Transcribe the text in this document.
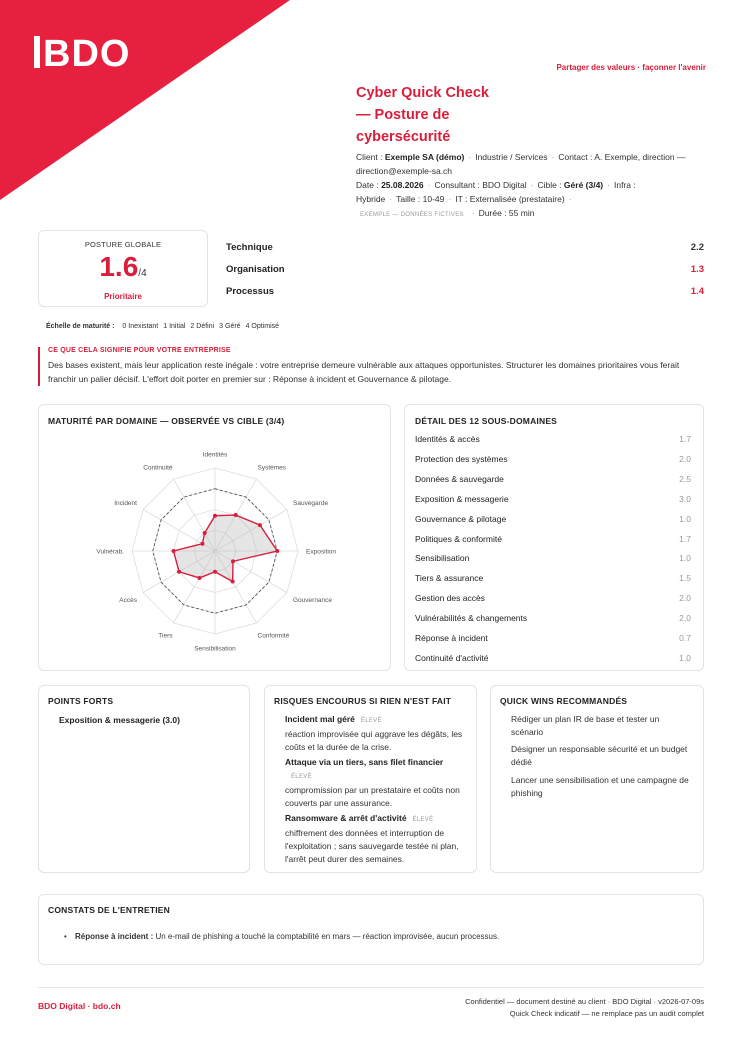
BDO	Partager des valeurs · façonner l'avenir
Cyber Quick Check — Posture de cybersécurité
Client : Exemple SA (démo) · Industrie / Services · Contact : A. Exemple, direction — direction@exemple-sa.ch
Date : 25.08.2026 · Consultant : BDO Digital · Cible : Géré (3/4) · Infra : Hybride · Taille : 10-49 · IT : Externalisée (prestataire) ·
EXEMPLE — DONNÉES FICTIVES · Durée : 55 min
POSTURE GLOBALE
1.6/4
Prioritaire
Technique	2.2
Organisation	1.3
Processus	1.4
Échelle de maturité : 0 Inexistant 1 Initial 2 Défini 3 Géré 4 Optimisé
CE QUE CELA SIGNIFIE POUR VOTRE ENTREPRISE
Des bases existent, mais leur application reste inégale : votre entreprise demeure vulnérable aux attaques opportunistes. Structurer les domaines prioritaires vous ferait franchir un palier décisif. L'effort doit porter en premier sur : Réponse à incident et Gouvernance & pilotage.
MATURITÉ PAR DOMAINE — OBSERVÉE VS CIBLE (3/4)
Identités
Systèmes
Sauvegarde
Exposition
Gouvernance
Conformité
Sensibilisation
Tiers
Accès
Vulnérab.
Incident
Continuité
DÉTAIL DES 12 SOUS-DOMAINES
Identités & accès	1.7
Protection des systèmes	2.0
Données & sauvegarde	2.5
Exposition & messagerie	3.0
Gouvernance & pilotage	1.0
Politiques & conformité	1.7
Sensibilisation	1.0
Tiers & assurance	1.5
Gestion des accès	2.0
Vulnérabilités & changements	2.0
Réponse à incident	0.7
Continuité d'activité	1.0
POINTS FORTS
Exposition & messagerie (3.0)
RISQUES ENCOURUS SI RIEN N'EST FAIT
Incident mal géré ÉLEVÉ
réaction improvisée qui aggrave les dégâts, les coûts et la durée de la crise.
Attaque via un tiers, sans filet financier
ÉLEVÉ
compromission par un prestataire et coûts non couverts par une assurance.
Ransomware & arrêt d'activité ÉLEVÉ
chiffrement des données et interruption de l'exploitation ; sans sauvegarde testée ni plan, l'arrêt peut durer des semaines.
QUICK WINS RECOMMANDÉS
Rédiger un plan IR de base et tester un scénario
Désigner un responsable sécurité et un budget dédié
Lancer une sensibilisation et une campagne de phishing
CONSTATS DE L'ENTRETIEN
• Réponse à incident : Un e-mail de phishing a touché la comptabilité en mars — réaction improvisée, aucun processus.
BDO Digital · bdo.ch	Confidentiel — document destiné au client · BDO Digital · v2026-07-09s
Quick Check indicatif — ne remplace pas un audit complet
